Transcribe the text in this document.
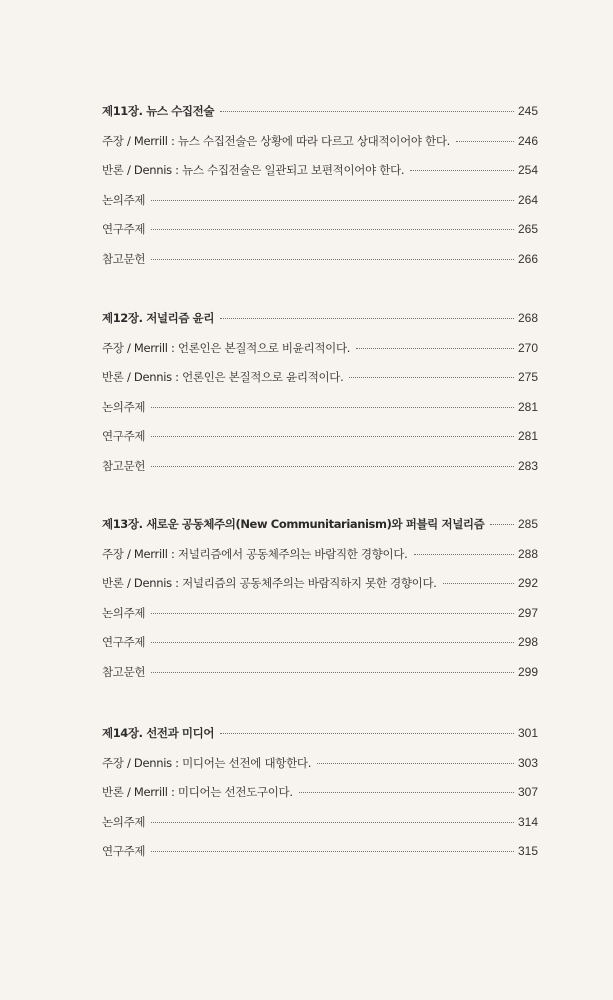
제11장. 뉴스 수집전술	245
주장 / Merrill : 뉴스 수집전술은 상황에 따라 다르고 상대적이어야 한다.	246
반론 / Dennis : 뉴스 수집전술은 일관되고 보편적이어야 한다.	254
논의주제	264
연구주제	265
참고문헌	266
제12장. 저널리즘 윤리	268
주장 / Merrill : 언론인은 본질적으로 비윤리적이다.	270
반론 / Dennis : 언론인은 본질적으로 윤리적이다.	275
논의주제	281
연구주제	281
참고문헌	283
제13장. 새로운 공동체주의(New Communitarianism)와 퍼블릭 저널리즘	285
주장 / Merrill : 저널리즘에서 공동체주의는 바람직한 경향이다.	288
반론 / Dennis : 저널리즘의 공동체주의는 바람직하지 못한 경향이다.	292
논의주제	297
연구주제	298
참고문헌	299
제14장. 선전과 미디어	301
주장 / Dennis : 미디어는 선전에 대항한다.	303
반론 / Merrill : 미디어는 선전도구이다.	307
논의주제	314
연구주제	315
